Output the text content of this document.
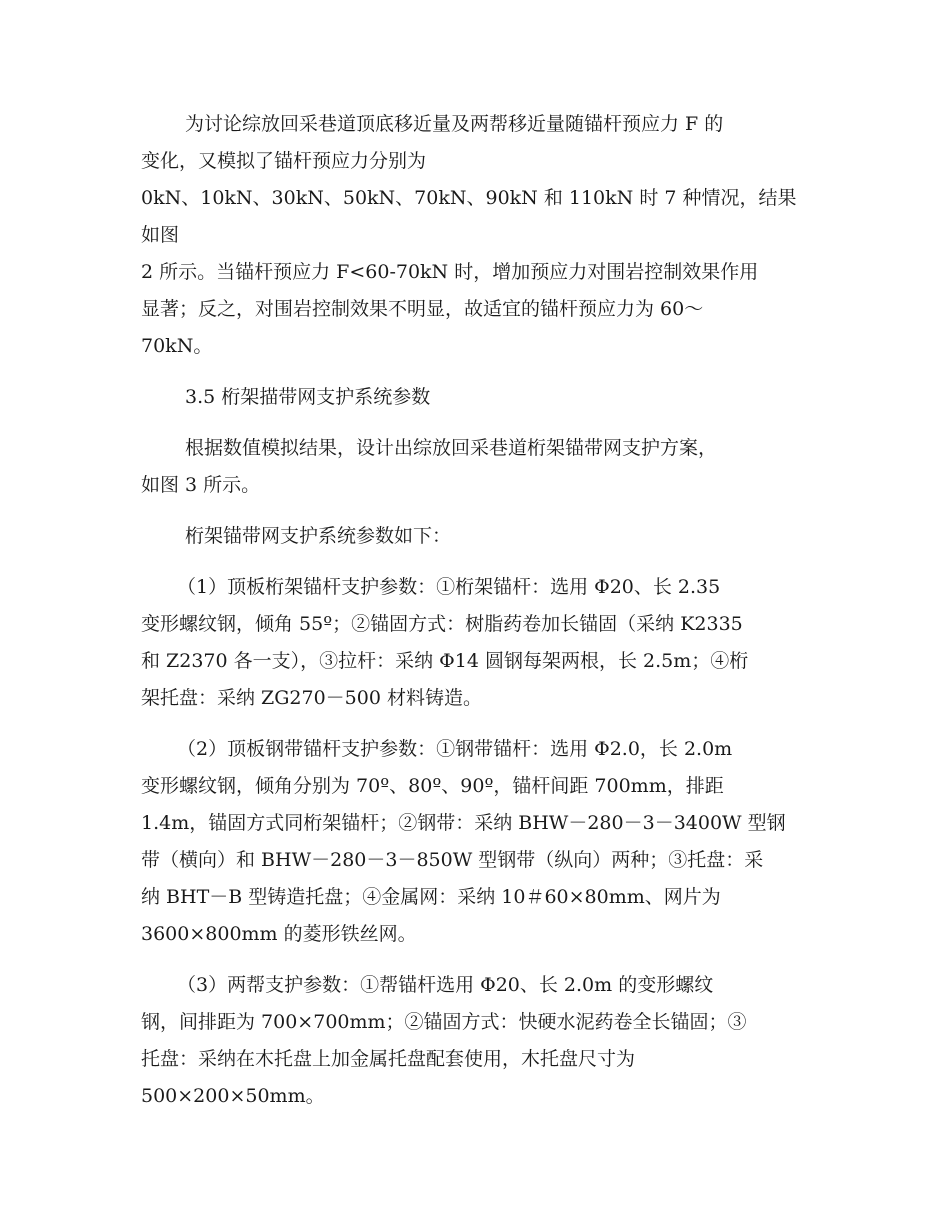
为讨论综放回采巷道顶底移近量及两帮移近量随锚杆预应力 F 的

变化，又模拟了锚杆预应力分别为

0kN、10kN、30kN、50kN、70kN、90kN 和 110kN 时 7 种情况，结果如图

2 所示。当锚杆预应力 F<60-70kN 时，增加预应力对围岩控制效果作用

显著；反之，对围岩控制效果不明显，故适宜的锚杆预应力为 60～

70kN。

3.5 桁架描带网支护系统参数

根据数值模拟结果，设计出综放回采巷道桁架锚带网支护方案，

如图 3 所示。

桁架锚带网支护系统参数如下：

（1）顶板桁架锚杆支护参数：①桁架锚杆：选用 Φ20、长 2.35

变形螺纹钢，倾角 55º；②锚固方式：树脂药卷加长锚固（采纳 K2335

和 Z2370 各一支），③拉杆：采纳 Φ14 圆钢每架两根，长 2.5m；④桁

架托盘：采纳 ZG270－500 材料铸造。

（2）顶板钢带锚杆支护参数：①钢带锚杆：选用 Φ2.0，长 2.0m

变形螺纹钢，倾角分别为 70º、80º、90º，锚杆间距 700mm，排距

1.4m，锚固方式同桁架锚杆；②钢带：采纳 BHW－280－3－3400W 型钢

带（横向）和 BHW－280－3－850W 型钢带（纵向）两种；③托盘：采

纳 BHT－B 型铸造托盘；④金属网：采纳 10＃60×80mm、网片为

3600×800mm 的菱形铁丝网。

（3）两帮支护参数：①帮锚杆选用 Φ20、长 2.0m 的变形螺纹

钢，间排距为 700×700mm；②锚固方式：快硬水泥药卷全长锚固；③

托盘：采纳在木托盘上加金属托盘配套使用，木托盘尺寸为

500×200×50mm。
